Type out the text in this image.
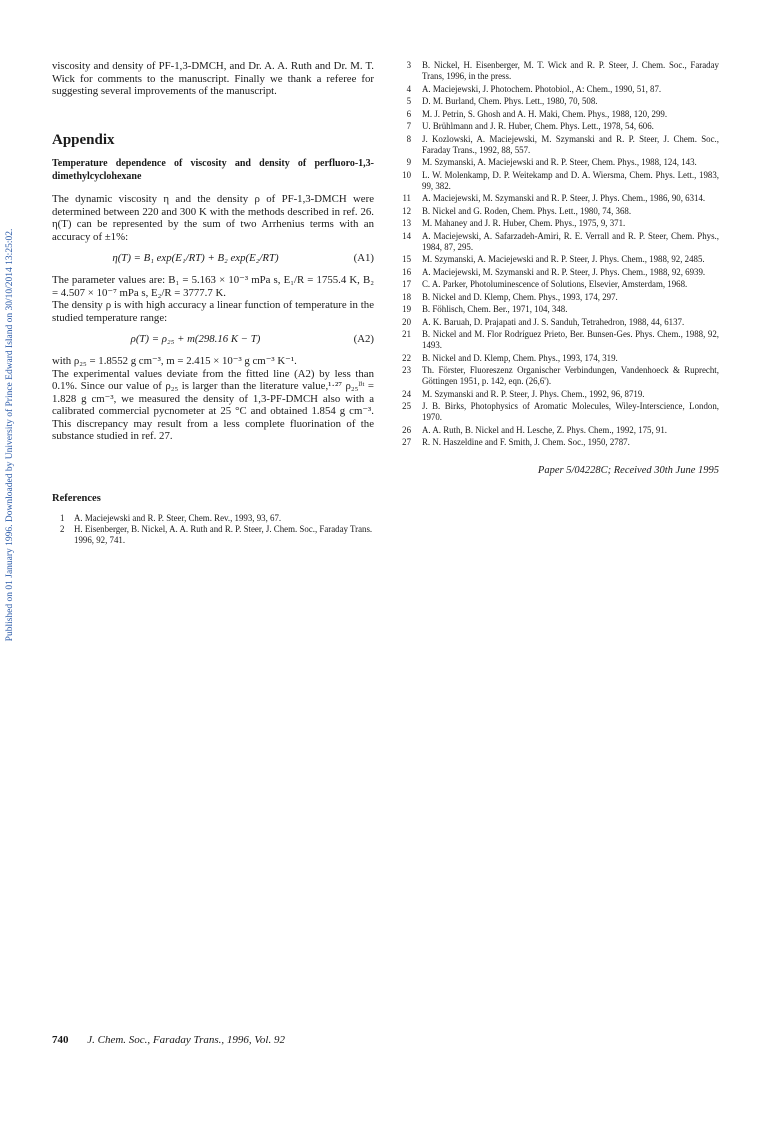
Published on 01 January 1996. Downloaded by University of Prince Edward Island on 30/10/2014 13:25:02.

viscosity and density of PF-1,3-DMCH, and Dr. A. A. Ruth and Dr. M. T. Wick for comments to the manuscript. Finally we thank a referee for suggesting several improvements of the manuscript.

Appendix
Temperature dependence of viscosity and density of perfluoro-1,3-dimethylcyclohexane

The dynamic viscosity η and the density ρ of PF-1,3-DMCH were determined between 220 and 300 K with the methods described in ref. 26. η(T) can be represented by the sum of two Arrhenius terms with an accuracy of ±1%:

η(T) = B₁ exp(E₁/RT) + B₂ exp(E₂/RT)	(A1)

The parameter values are: B₁ = 5.163 × 10⁻³ mPa s, E₁/R = 1755.4 K, B₂ = 4.507 × 10⁻⁷ mPa s, E₂/R = 3777.7 K.

The density ρ is with high accuracy a linear function of temperature in the studied temperature range:

ρ(T) = ρ₂₅ + m(298.16 K − T)	(A2)

with ρ₂₅ = 1.8552 g cm⁻³, m = 2.415 × 10⁻³ g cm⁻³ K⁻¹.

The experimental values deviate from the fitted line (A2) by less than 0.1%. Since our value of ρ₂₅ is larger than the literature value,¹·²⁷ ρ₂₅ˡⁱᵗ = 1.828 g cm⁻³, we measured the density of 1,3-PF-DMCH also with a calibrated commercial pycnometer at 25 °C and obtained 1.854 g cm⁻³. This discrepancy may result from a less complete fluorination of the substance studied in ref. 27.

References
1 A. Maciejewski and R. P. Steer, Chem. Rev., 1993, 93, 67.
2 H. Eisenberger, B. Nickel, A. A. Ruth and R. P. Steer, J. Chem. Soc., Faraday Trans. 1996, 92, 741.
3 B. Nickel, H. Eisenberger, M. T. Wick and R. P. Steer, J. Chem. Soc., Faraday Trans, 1996, in the press.
4 A. Maciejewski, J. Photochem. Photobiol., A: Chem., 1990, 51, 87.
5 D. M. Burland, Chem. Phys. Lett., 1980, 70, 508.
6 M. J. Petrin, S. Ghosh and A. H. Maki, Chem. Phys., 1988, 120, 299.
7 U. Brühlmann and J. R. Huber, Chem. Phys. Lett., 1978, 54, 606.
8 J. Kozlowski, A. Maciejewski, M. Szymanski and R. P. Steer, J. Chem. Soc., Faraday Trans., 1992, 88, 557.
9 M. Szymanski, A. Maciejewski and R. P. Steer, Chem. Phys., 1988, 124, 143.
10 L. W. Molenkamp, D. P. Weitekamp and D. A. Wiersma, Chem. Phys. Lett., 1983, 99, 382.
11 A. Maciejewski, M. Szymanski and R. P. Steer, J. Phys. Chem., 1986, 90, 6314.
12 B. Nickel and G. Roden, Chem. Phys. Lett., 1980, 74, 368.
13 M. Mahaney and J. R. Huber, Chem. Phys., 1975, 9, 371.
14 A. Maciejewski, A. Safarzadeh-Amiri, R. E. Verrall and R. P. Steer, Chem. Phys., 1984, 87, 295.
15 M. Szymanski, A. Maciejewski and R. P. Steer, J. Phys. Chem., 1988, 92, 2485.
16 A. Maciejewski, M. Szymanski and R. P. Steer, J. Phys. Chem., 1988, 92, 6939.
17 C. A. Parker, Photoluminescence of Solutions, Elsevier, Amsterdam, 1968.
18 B. Nickel and D. Klemp, Chem. Phys., 1993, 174, 297.
19 B. Föhlisch, Chem. Ber., 1971, 104, 348.
20 A. K. Baruah, D. Prajapati and J. S. Sanduh, Tetrahedron, 1988, 44, 6137.
21 B. Nickel and M. Flor Rodríguez Prieto, Ber. Bunsen-Ges. Phys. Chem., 1988, 92, 1493.
22 B. Nickel and D. Klemp, Chem. Phys., 1993, 174, 319.
23 Th. Förster, Fluoreszenz Organischer Verbindungen, Vandenhoeck & Ruprecht, Göttingen 1951, p. 142, eqn. (26,6').
24 M. Szymanski and R. P. Steer, J. Phys. Chem., 1992, 96, 8719.
25 J. B. Birks, Photophysics of Aromatic Molecules, Wiley-Interscience, London, 1970.
26 A. A. Ruth, B. Nickel and H. Lesche, Z. Phys. Chem., 1992, 175, 91.
27 R. N. Haszeldine and F. Smith, J. Chem. Soc., 1950, 2787.
Paper 5/04228C; Received 30th June 1995
740 J. Chem. Soc., Faraday Trans., 1996, Vol. 92
